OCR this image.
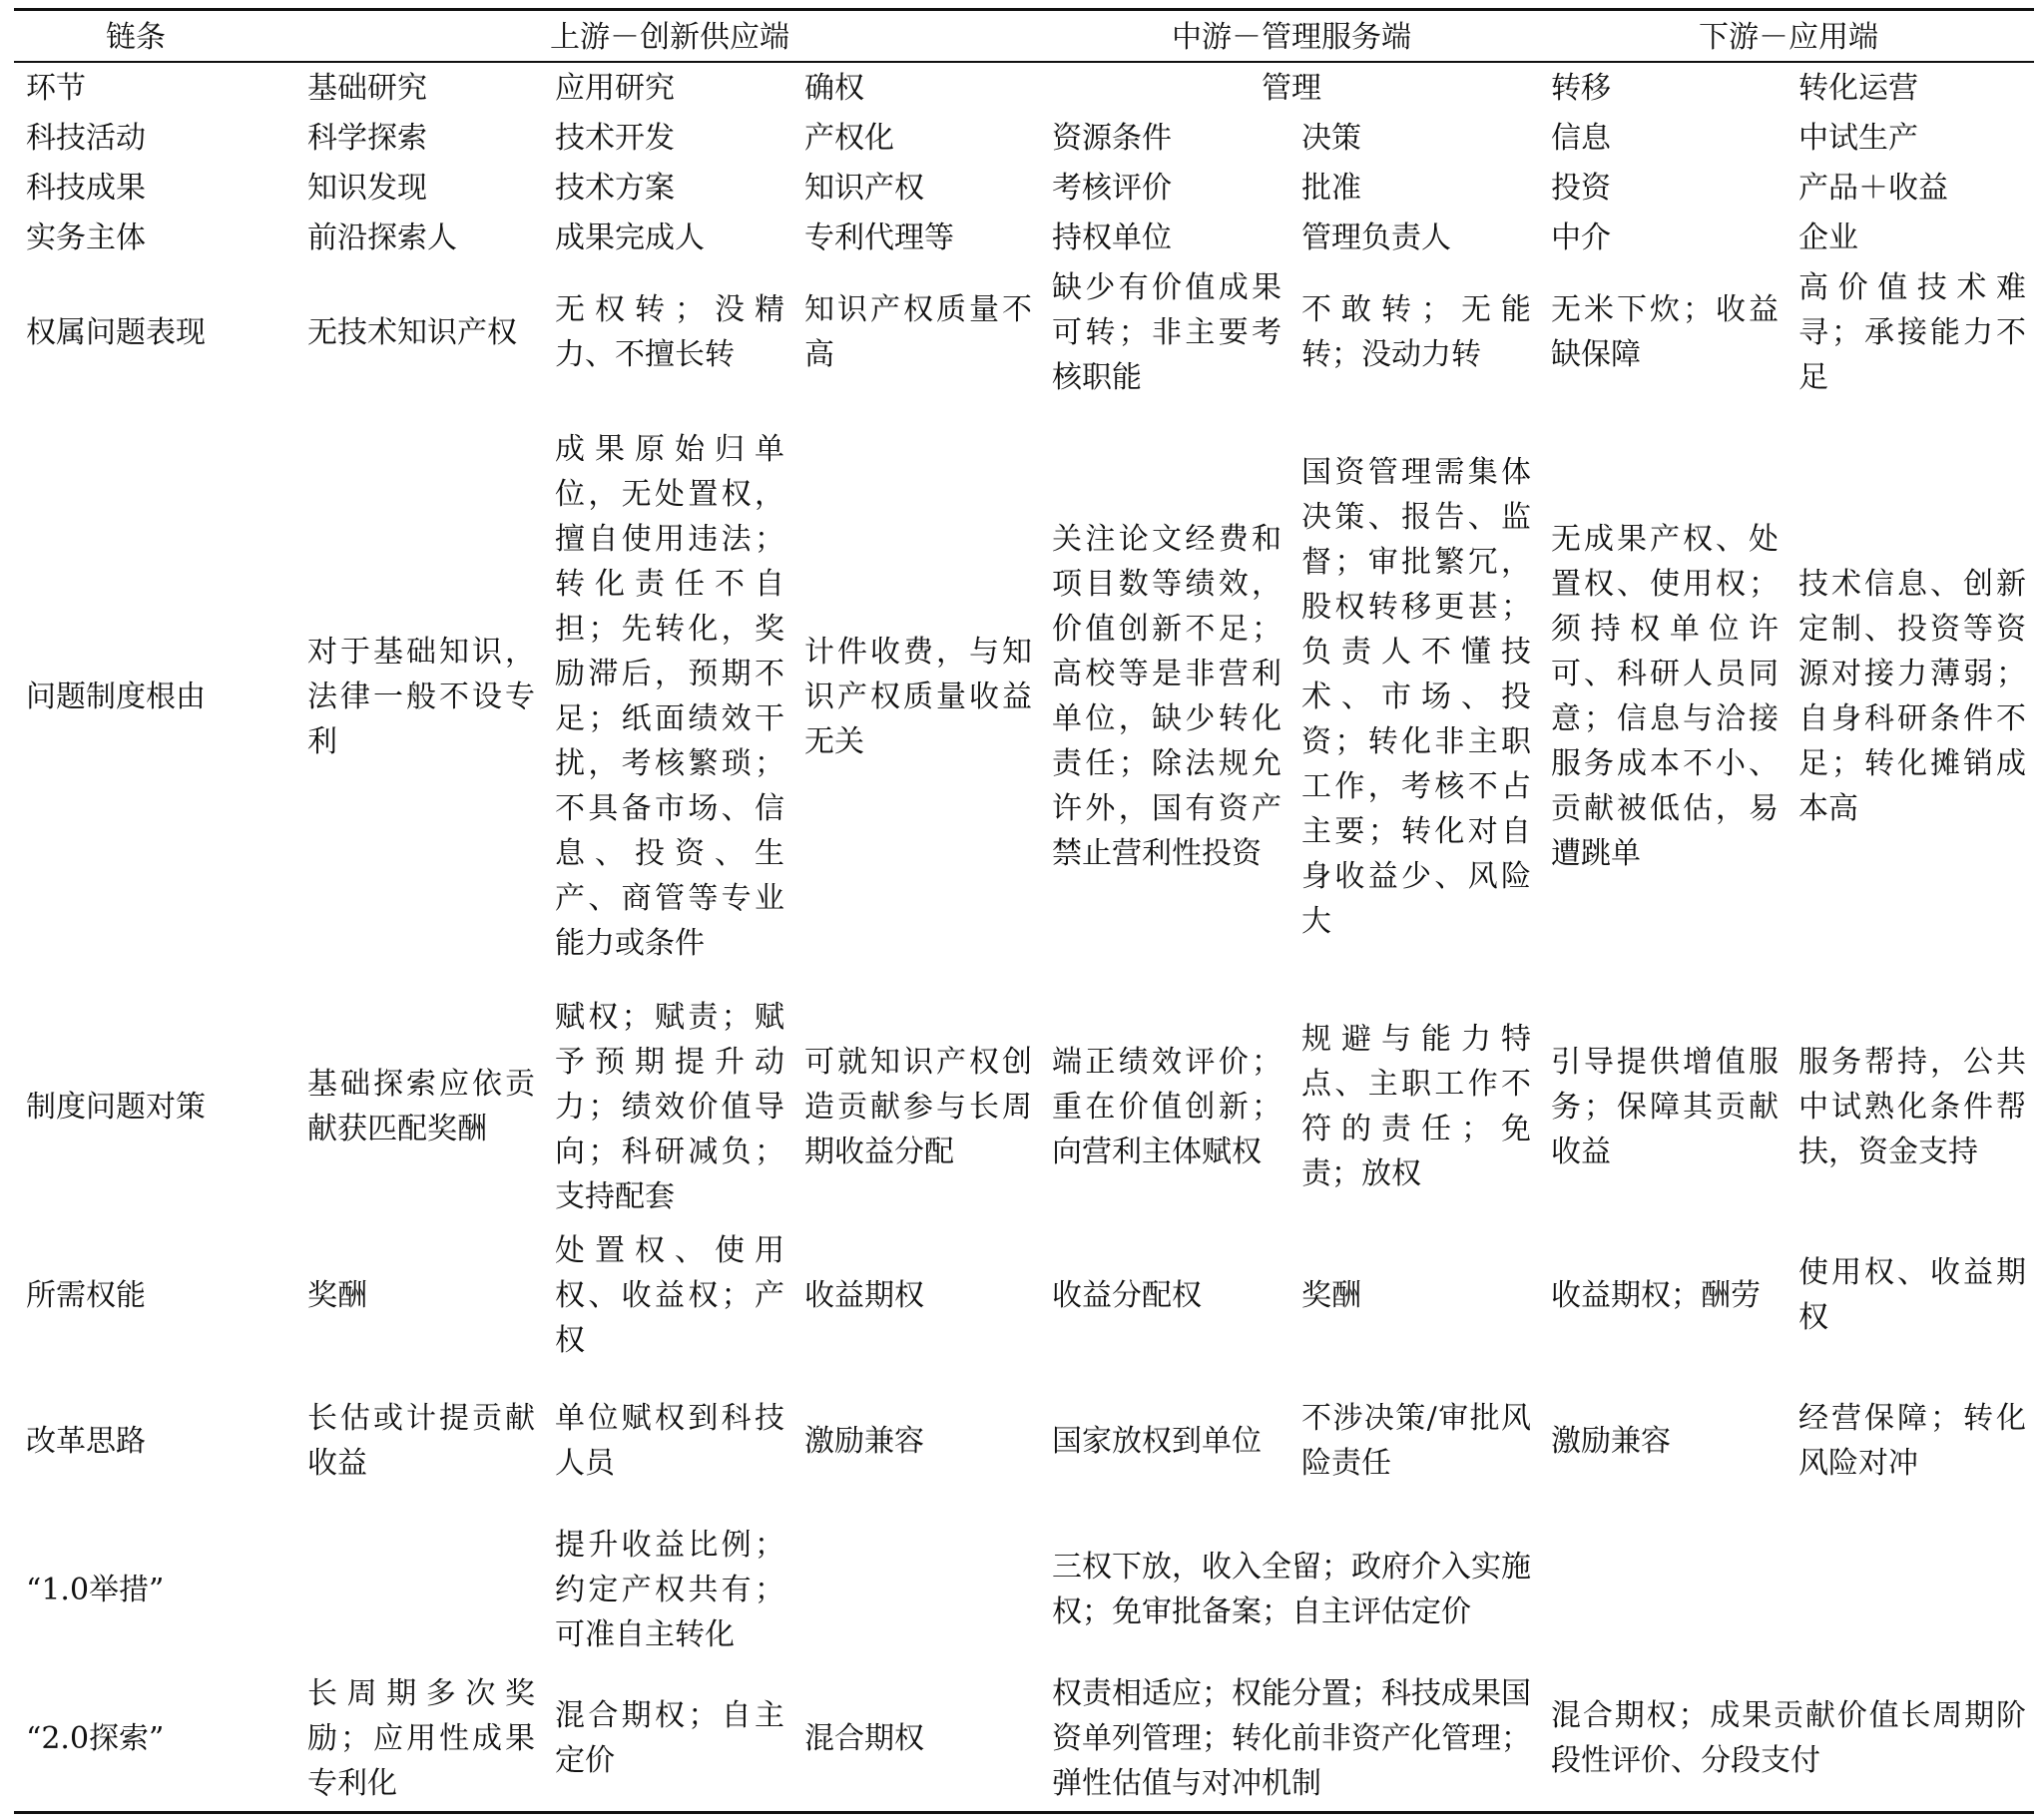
链条	上游－创新供应端			中游－管理服务端		下游－应用端	
环节	基础研究	应用研究	确权	管理		转移	转化运营
科技活动	科学探索	技术开发	产权化	资源条件	决策	信息	中试生产
科技成果	知识发现	技术方案	知识产权	考核评价	批准	投资	产品＋收益
实务主体	前沿探索人	成果完成人	专利代理等	持权单位	管理负责人	中介	企业
权属问题表现	无技术知识产权	无权转；没精力、不擅长转	知识产权质量不高	缺少有价值成果可转；非主要考核职能	不敢转；无能转；没动力转	无米下炊；收益缺保障	高价值技术难寻；承接能力不足
问题制度根由	对于基础知识，法律一般不设专利	成果原始归单位，无处置权，擅自使用违法；转化责任不自担；先转化，奖励滞后，预期不足；纸面绩效干扰，考核繁琐；不具备市场、信息、投资、生产、商管等专业能力或条件	计件收费，与知识产权质量收益无关	关注论文经费和项目数等绩效，价值创新不足；高校等是非营利单位，缺少转化责任；除法规允许外，国有资产禁止营利性投资	国资管理需集体决策、报告、监督；审批繁冗，股权转移更甚；负责人不懂技术、市场、投资；转化非主职工作，考核不占主要；转化对自身收益少、风险大	无成果产权、处置权、使用权；须持权单位许可、科研人员同意；信息与洽接服务成本不小、贡献被低估，易遭跳单	技术信息、创新定制、投资等资源对接力薄弱；自身科研条件不足；转化摊销成本高
制度问题对策	基础探索应依贡献获匹配奖酬	赋权；赋责；赋予预期提升动力；绩效价值导向；科研减负；支持配套	可就知识产权创造贡献参与长周期收益分配	端正绩效评价；重在价值创新；向营利主体赋权	规避与能力特点、主职工作不符的责任；免责；放权	引导提供增值服务；保障其贡献收益	服务帮持，公共中试熟化条件帮扶，资金支持
所需权能	奖酬	处置权、使用权、收益权；产权	收益期权	收益分配权	奖酬	收益期权；酬劳	使用权、收益期权
改革思路	长估或计提贡献收益	单位赋权到科技人员	激励兼容	国家放权到单位	不涉决策/审批风险责任	激励兼容	经营保障；转化风险对冲
“1.0举措”		提升收益比例；约定产权共有；可准自主转化		三权下放，收入全留；政府介入实施权；免审批备案；自主评估定价			
“2.0探索”	长周期多次奖励；应用性成果专利化	混合期权；自主定价	混合期权	权责相适应；权能分置；科技成果国资单列管理；转化前非资产化管理；弹性估值与对冲机制		混合期权；成果贡献价值长周期阶段性评价、分段支付	
